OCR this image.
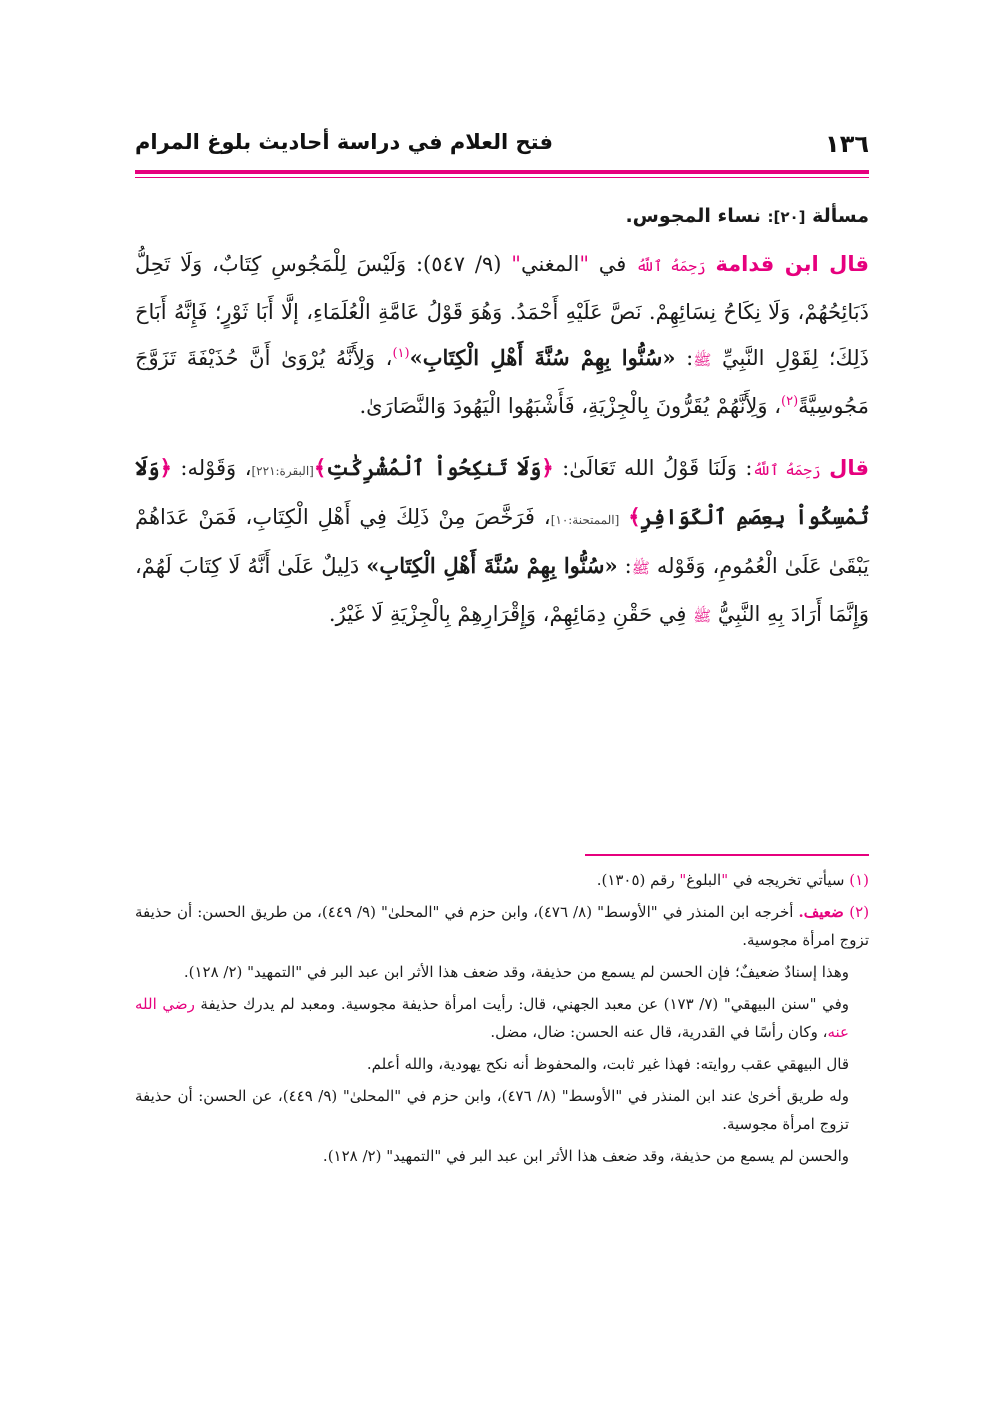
١٣٦
فتح العلام في دراسة أحاديث بلوغ المرام
مسألة [٢٠]: نساء المجوس.

قال ابن قدامة رَحِمَهُ ٱللَّهُ في "المغني" (٩/ ٥٤٧): وَلَيْسَ لِلْمَجُوسِ كِتَابٌ، وَلَا تَحِلُّ ذَبَائِحُهُمْ، وَلَا نِكَاحُ نِسَائِهِمْ. نَصَّ عَلَيْهِ أَحْمَدُ. وَهُوَ قَوْلُ عَامَّةِ الْعُلَمَاءِ، إلَّا أَبَا ثَوْرٍ؛ فَإِنَّهُ أَبَاحَ ذَلِكَ؛ لِقَوْلِ النَّبِيِّ ﷺ: «سُنُّوا بِهِمْ سُنَّةَ أَهْلِ الْكِتَابِ»$^{(١)}$، وَلِأَنَّهُ يُرْوَىٰ أَنَّ حُذَيْفَةَ تَزَوَّجَ مَجُوسِيَّةً$^{(٢)}$، وَلِأَنَّهُمْ يُقَرُّونَ بِالْجِزْيَةِ، فَأَشْبَهُوا الْيَهُودَ وَالنَّصَارَىٰ.

قال رَحِمَهُ ٱللَّهُ: وَلَنَا قَوْلُ الله تَعَالَىٰ: ﴿وَلَا تَنكِحُواْ ٱلْمُشْرِكَٰتِ﴾[البقرة:٢٢١]، وَقَوْله: ﴿وَلَا تُمْسِكُواْ بِعِصَمِ ٱلْكَوَافِرِ﴾ [الممتحنة:١٠]، فَرَخَّصَ مِنْ ذَلِكَ فِي أَهْلِ الْكِتَابِ، فَمَنْ عَدَاهُمْ يَبْقَىٰ عَلَىٰ الْعُمُومِ، وَقَوْله ﷺ: «سُنُّوا بِهِمْ سُنَّةَ أَهْلِ الْكِتَابِ» دَلِيلٌ عَلَىٰ أَنَّهُ لَا كِتَابَ لَهُمْ، وَإِنَّمَا أَرَادَ بِهِ النَّبِيُّ ﷺ فِي حَقْنِ دِمَائِهِمْ، وَإِقْرَارِهِمْ بِالْجِزْيَةِ لَا غَيْرُ.

(١) سيأتي تخريجه في "البلوغ" رقم (١٣٠٥).

(٢) ضعيف. أخرجه ابن المنذر في "الأوسط" (٨/ ٤٧٦)، وابن حزم في "المحلىٰ" (٩/ ٤٤٩)، من طريق الحسن: أن حذيفة تزوج امرأة مجوسية.

وهذا إسنادٌ ضعيفٌ؛ فإن الحسن لم يسمع من حذيفة، وقد ضعف هذا الأثر ابن عبد البر في "التمهيد" (٢/ ١٢٨).

وفي "سنن البيهقي" (٧/ ١٧٣) عن معبد الجهني، قال: رأيت امرأة حذيفة مجوسية. ومعبد لم يدرك حذيفة رضي الله عنه، وكان رأسًا في القدرية، قال عنه الحسن: ضال، مضل.

قال البيهقي عقب روايته: فهذا غير ثابت، والمحفوظ أنه نكح يهودية، والله أعلم.

وله طريق أخرىٰ عند ابن المنذر في "الأوسط" (٨/ ٤٧٦)، وابن حزم في "المحلىٰ" (٩/ ٤٤٩)، عن الحسن: أن حذيفة تزوج امرأة مجوسية.

والحسن لم يسمع من حذيفة، وقد ضعف هذا الأثر ابن عبد البر في "التمهيد" (٢/ ١٢٨).
